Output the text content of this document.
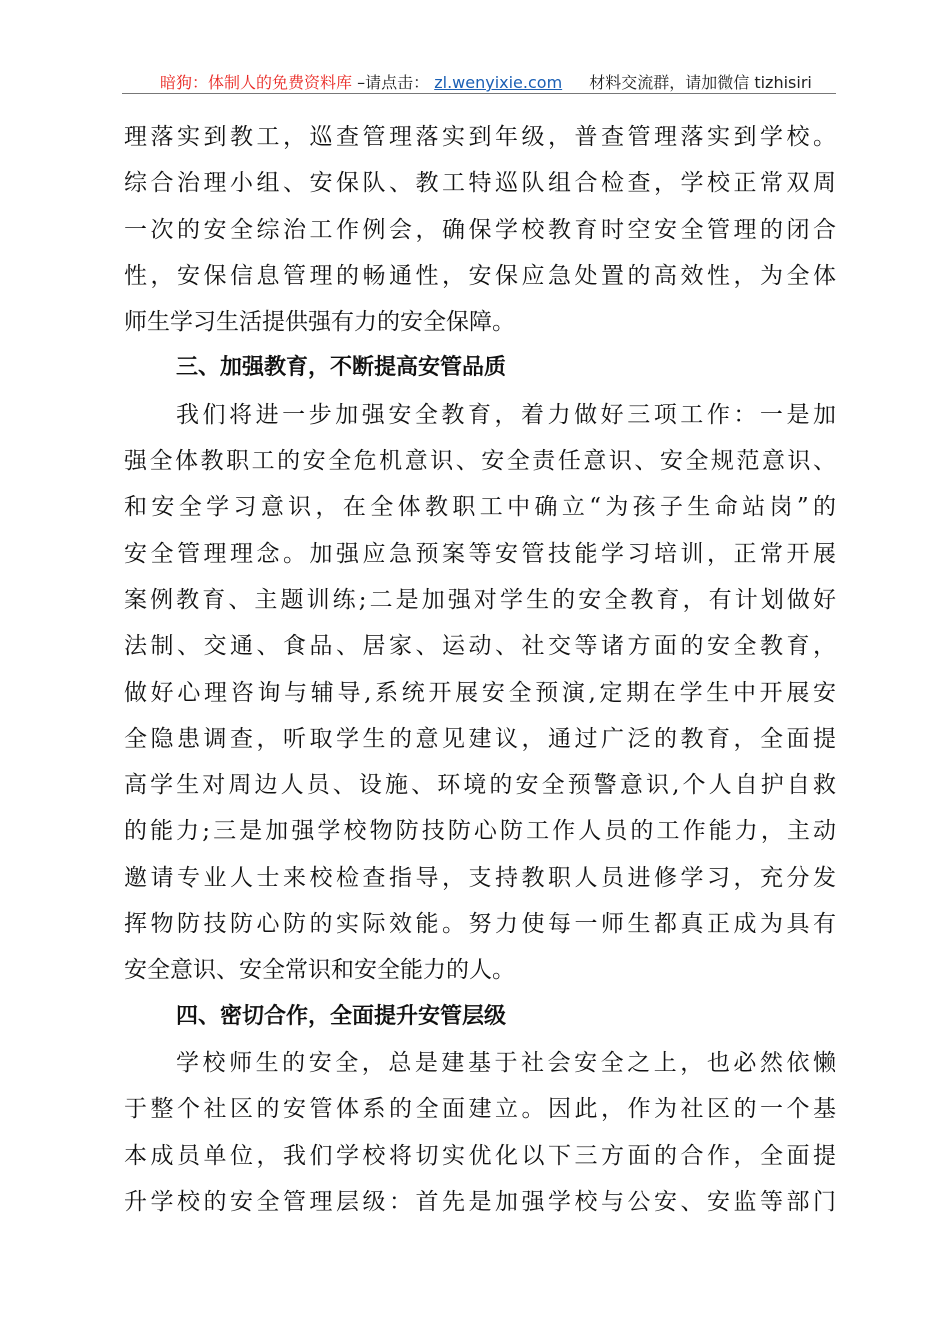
暗狗：体制人的免费资料库 –请点击： zl.wenyixie.com 材料交流群，请加微信 tizhisiri
理落实到教工，巡查管理落实到年级，普查管理落实到学校。
综合治理小组、安保队、教工特巡队组合检查，学校正常双周
一次的安全综治工作例会，确保学校教育时空安全管理的闭合
性，安保信息管理的畅通性，安保应急处置的高效性，为全体
师生学习生活提供强有力的安全保障。
三、加强教育，不断提高安管品质
我们将进一步加强安全教育，着力做好三项工作：一是加
强全体教职工的安全危机意识、安全责任意识、安全规范意识、
和安全学习意识，在全体教职工中确立“为孩子生命站岗”的
安全管理理念。加强应急预案等安管技能学习培训，正常开展
案例教育、主题训练;二是加强对学生的安全教育，有计划做好
法制、交通、食品、居家、运动、社交等诸方面的安全教育，
做好心理咨询与辅导,系统开展安全预演,定期在学生中开展安
全隐患调查，听取学生的意见建议，通过广泛的教育，全面提
高学生对周边人员、设施、环境的安全预警意识,个人自护自救
的能力;三是加强学校物防技防心防工作人员的工作能力，主动
邀请专业人士来校检查指导，支持教职人员进修学习，充分发
挥物防技防心防的实际效能。努力使每一师生都真正成为具有
安全意识、安全常识和安全能力的人。
四、密切合作，全面提升安管层级
学校师生的安全，总是建基于社会安全之上，也必然依懒
于整个社区的安管体系的全面建立。因此，作为社区的一个基
本成员单位，我们学校将切实优化以下三方面的合作，全面提
升学校的安全管理层级：首先是加强学校与公安、安监等部门
